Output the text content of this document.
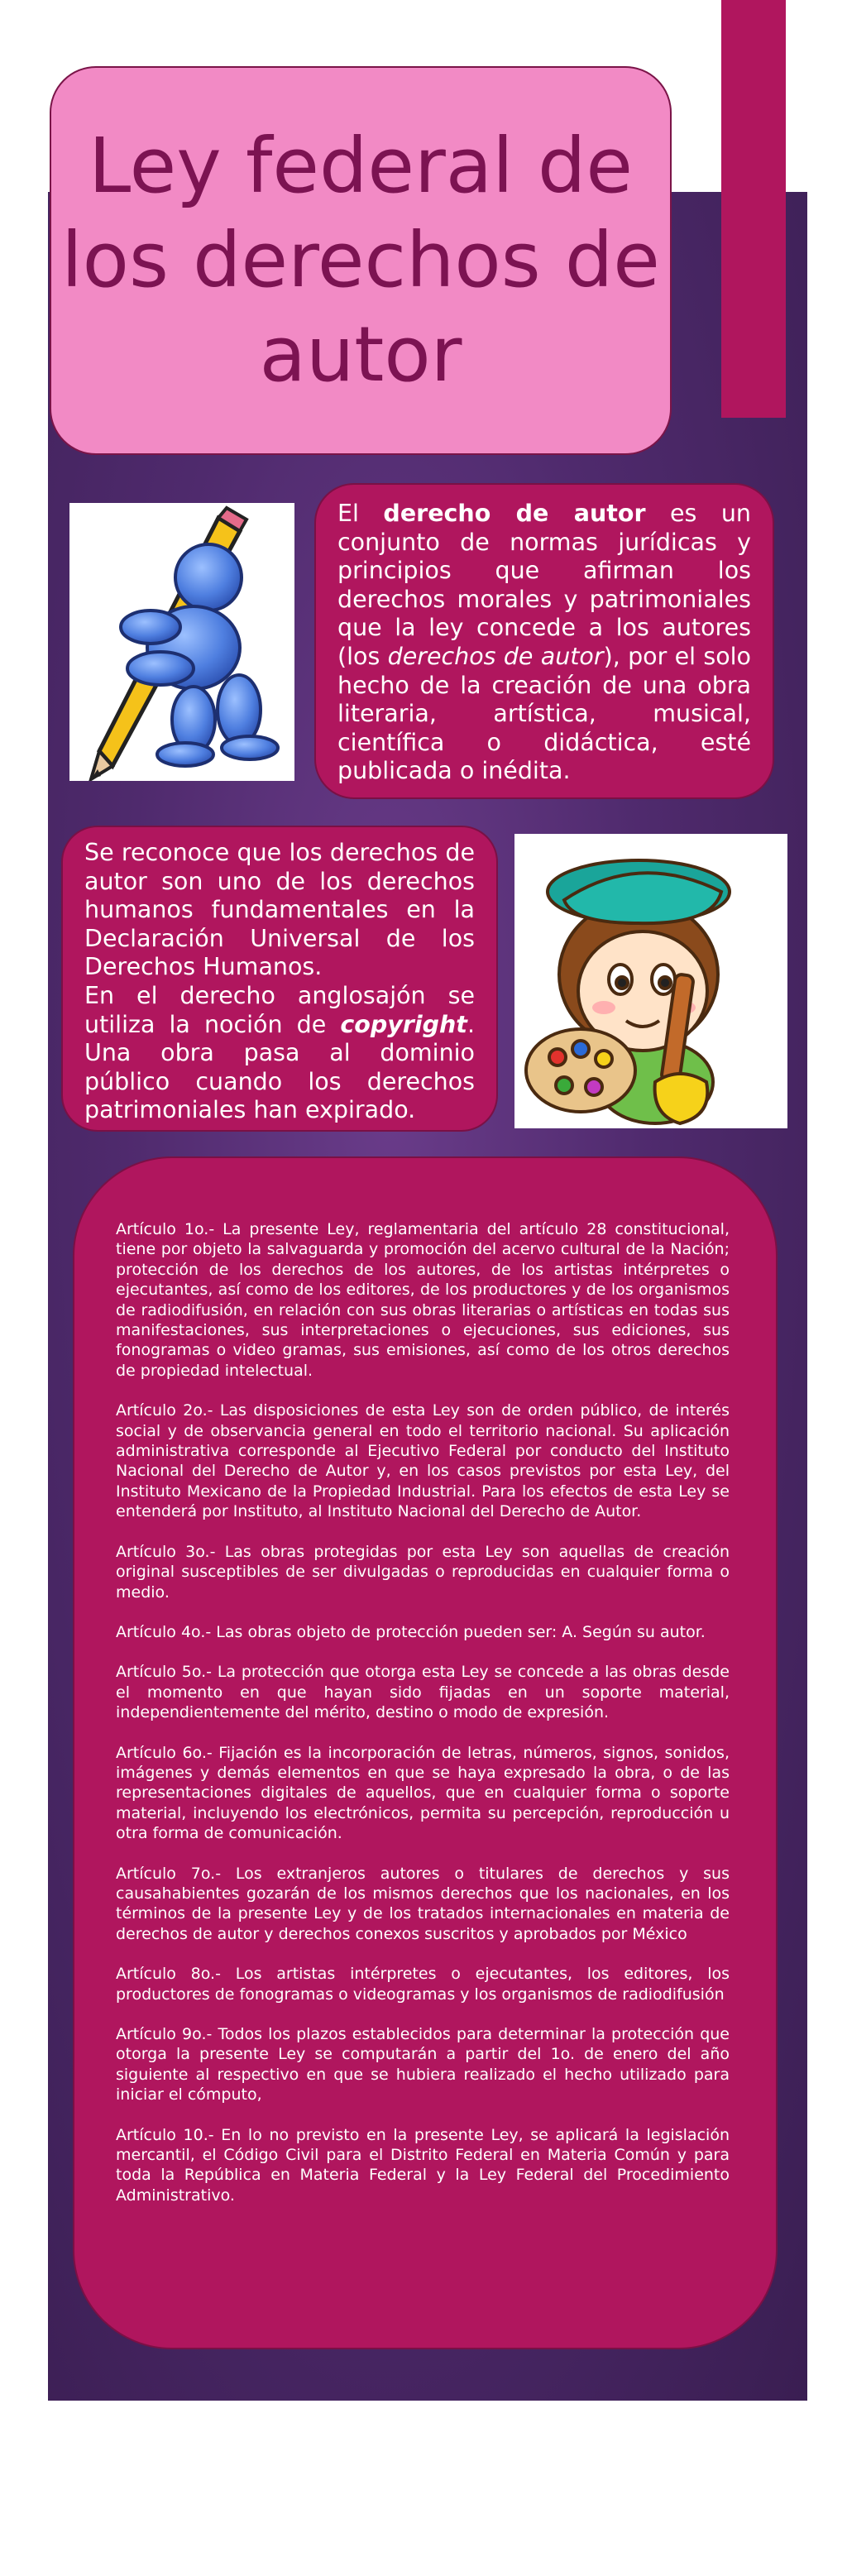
Ley federal de los derechos de autor
El derecho de autor es un conjunto de normas jurídicas y principios que afirman los derechos morales y patrimoniales que la ley concede a los autores (los derechos de autor), por el solo hecho de la creación de una obra literaria, artística, musical, científica o didáctica, esté publicada o inédita.
Se reconoce que los derechos de autor son uno de los derechos humanos fundamentales en la Declaración Universal de los Derechos Humanos.
En el derecho anglosajón se utiliza la noción de copyright. Una obra pasa al dominio público cuando los derechos patrimoniales han expirado.

Artículo 1o.- La presente Ley, reglamentaria del artículo 28 constitucional, tiene por objeto la salvaguarda y promoción del acervo cultural de la Nación; protección de los derechos de los autores, de los artistas intérpretes o ejecutantes, así como de los editores, de los productores y de los organismos de radiodifusión, en relación con sus obras literarias o artísticas en todas sus manifestaciones, sus interpretaciones o ejecuciones, sus ediciones, sus fonogramas o video gramas, sus emisiones, así como de los otros derechos de propiedad intelectual.

Artículo 2o.- Las disposiciones de esta Ley son de orden público, de interés social y de observancia general en todo el territorio nacional. Su aplicación administrativa corresponde al Ejecutivo Federal por conducto del Instituto Nacional del Derecho de Autor y, en los casos previstos por esta Ley, del Instituto Mexicano de la Propiedad Industrial. Para los efectos de esta Ley se entenderá por Instituto, al Instituto Nacional del Derecho de Autor.

Artículo 3o.- Las obras protegidas por esta Ley son aquellas de creación original susceptibles de ser divulgadas o reproducidas en cualquier forma o medio.

Artículo 4o.- Las obras objeto de protección pueden ser: A. Según su autor.

Artículo 5o.- La protección que otorga esta Ley se concede a las obras desde el momento en que hayan sido fijadas en un soporte material, independientemente del mérito, destino o modo de expresión.

Artículo 6o.- Fijación es la incorporación de letras, números, signos, sonidos, imágenes y demás elementos en que se haya expresado la obra, o de las representaciones digitales de aquellos, que en cualquier forma o soporte material, incluyendo los electrónicos, permita su percepción, reproducción u otra forma de comunicación.

Artículo 7o.- Los extranjeros autores o titulares de derechos y sus causahabientes gozarán de los mismos derechos que los nacionales, en los términos de la presente Ley y de los tratados internacionales en materia de derechos de autor y derechos conexos suscritos y aprobados por México

Artículo 8o.- Los artistas intérpretes o ejecutantes, los editores, los productores de fonogramas o videogramas y los organismos de radiodifusión

Artículo 9o.- Todos los plazos establecidos para determinar la protección que otorga la presente Ley se computarán a partir del 1o. de enero del año siguiente al respectivo en que se hubiera realizado el hecho utilizado para iniciar el cómputo,

Artículo 10.- En lo no previsto en la presente Ley, se aplicará la legislación mercantil, el Código Civil para el Distrito Federal en Materia Común y para toda la República en Materia Federal y la Ley Federal del Procedimiento Administrativo.
